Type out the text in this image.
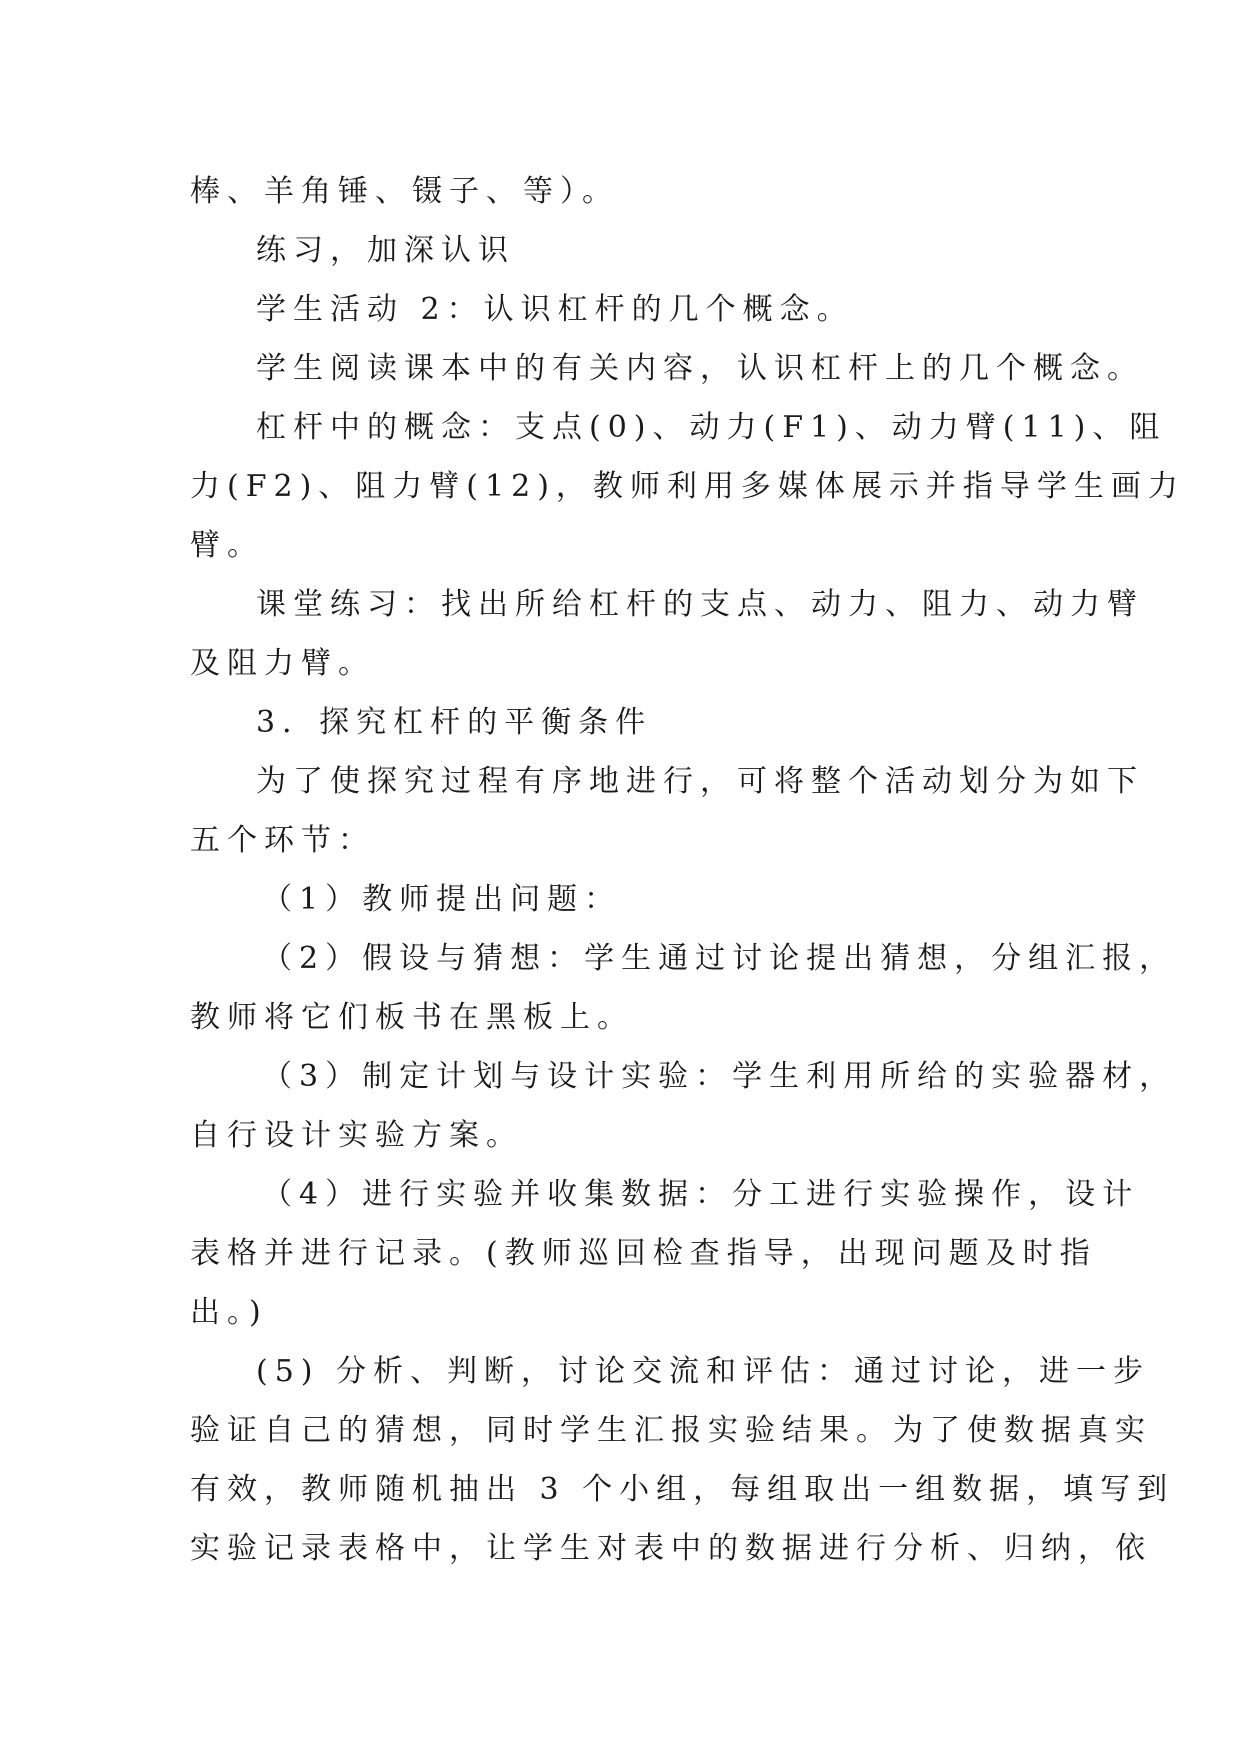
棒、羊角锤、镊子、等）。
练习，加深认识
学生活动 2：认识杠杆的几个概念。
学生阅读课本中的有关内容，认识杠杆上的几个概念。
杠杆中的概念：支点(0)、动力(F1)、动力臂(11)、阻
力(F2)、阻力臂(12)，教师利用多媒体展示并指导学生画力
臂。
课堂练习：找出所给杠杆的支点、动力、阻力、动力臂
及阻力臂。
3．探究杠杆的平衡条件
为了使探究过程有序地进行，可将整个活动划分为如下
五个环节：
（1）教师提出问题：
（2）假设与猜想：学生通过讨论提出猜想，分组汇报，
教师将它们板书在黑板上。
（3）制定计划与设计实验：学生利用所给的实验器材，
自行设计实验方案。
（4）进行实验并收集数据：分工进行实验操作，设计
表格并进行记录。(教师巡回检查指导，出现问题及时指
出。)
(5) 分析、判断，讨论交流和评估：通过讨论，进一步
验证自己的猜想，同时学生汇报实验结果。为了使数据真实
有效，教师随机抽出 3 个小组，每组取出一组数据，填写到
实验记录表格中，让学生对表中的数据进行分析、归纳，依
